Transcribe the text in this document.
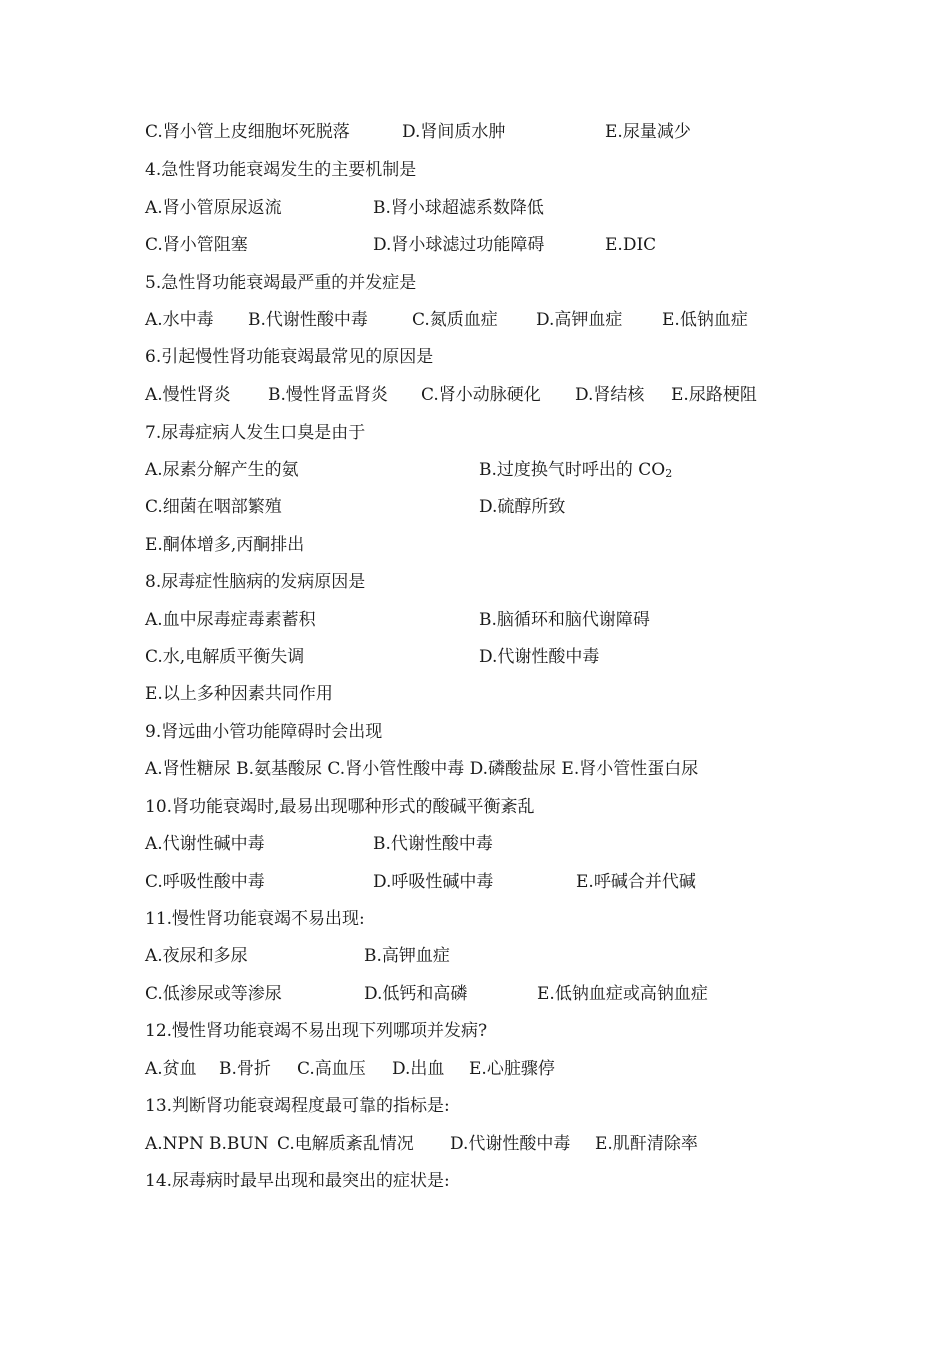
C.肾小管上皮细胞坏死脱落	D.肾间质水肿	E.尿量减少
4.急性肾功能衰竭发生的主要机制是
A.肾小管原尿返流	B.肾小球超滤系数降低
C.肾小管阻塞	D.肾小球滤过功能障碍	E.DIC
5.急性肾功能衰竭最严重的并发症是
A.水中毒 B.代谢性酸中毒	C.氮质血症 D.高钾血症 E.低钠血症
6.引起慢性肾功能衰竭最常见的原因是
A.慢性肾炎 B.慢性肾盂肾炎 C.肾小动脉硬化 D.肾结核 E.尿路梗阻
7.尿毒症病人发生口臭是由于
A.尿素分解产生的氨	B.过度换气时呼出的 $CO_2$
C.细菌在咽部繁殖	D.硫醇所致
E.酮体增多,丙酮排出
8.尿毒症性脑病的发病原因是
A.血中尿毒症毒素蓄积	B.脑循环和脑代谢障碍
C.水,电解质平衡失调	D.代谢性酸中毒
E.以上多种因素共同作用
9.肾远曲小管功能障碍时会出现
A.肾性糖尿 B.氨基酸尿 C.肾小管性酸中毒 D.磷酸盐尿 E.肾小管性蛋白尿
10.肾功能衰竭时,最易出现哪种形式的酸碱平衡紊乱
A.代谢性碱中毒	B.代谢性酸中毒
C.呼吸性酸中毒	D.呼吸性碱中毒	E.呼碱合并代碱
11.慢性肾功能衰竭不易出现:
A.夜尿和多尿	B.高钾血症
C.低渗尿或等渗尿	D.低钙和高磷	E.低钠血症或高钠血症
12.慢性肾功能衰竭不易出现下列哪项并发病?
A.贫血 B.骨折 C.高血压 D.出血 E.心脏骤停
13.判断肾功能衰竭程度最可靠的指标是:
A.NPN B.BUN C.电解质紊乱情况 D.代谢性酸中毒 E.肌酐清除率
14.尿毒病时最早出现和最突出的症状是:
